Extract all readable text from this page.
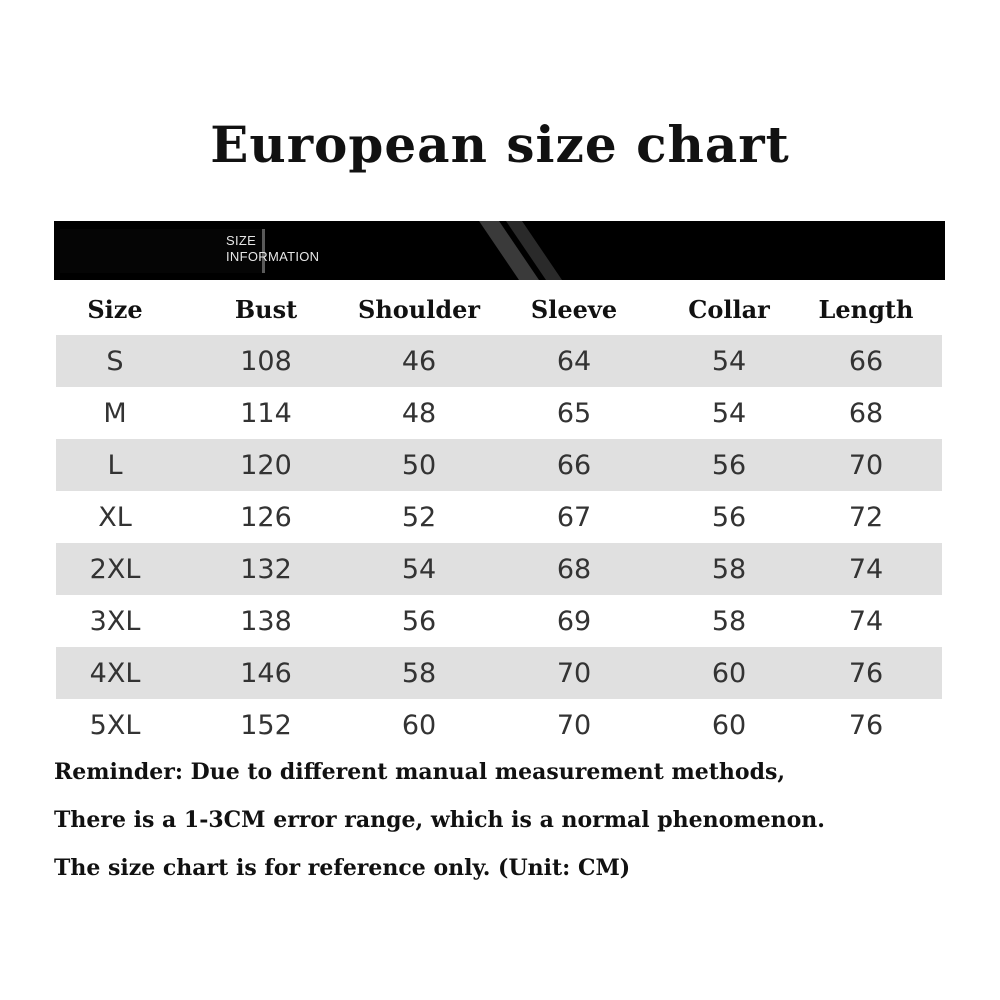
European size chart
SIZE
INFORMATION
Size	Bust	Shoulder	Sleeve	Collar	Length
S	108	46	64	54	66
M	114	48	65	54	68
L	120	50	66	56	70
XL	126	52	67	56	72
2XL	132	54	68	58	74
3XL	138	56	69	58	74
4XL	146	58	70	60	76
5XL	152	60	70	60	76
Reminder: Due to different manual measurement methods,
There is a 1-3CM error range, which is a normal phenomenon.
The size chart is for reference only. (Unit: CM)
